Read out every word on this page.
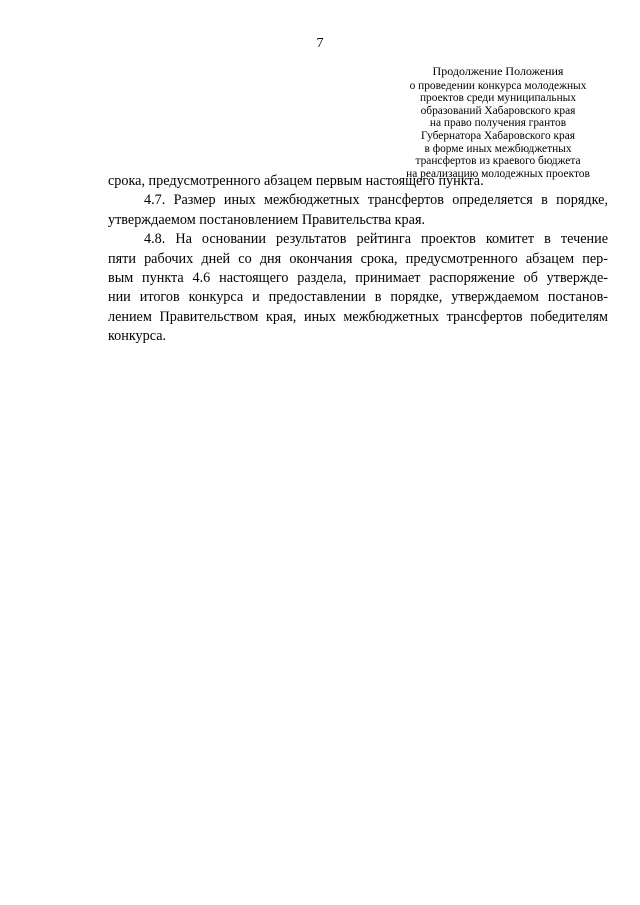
7
Продолжение Положения
о проведении конкурса молодежных
проектов среди муниципальных
образований Хабаровского края
на право получения грантов
Губернатора Хабаровского края
в форме иных межбюджетных
трансфертов из краевого бюджета
на реализацию молодежных проектов

срока, предусмотренного абзацем первым настоящего пункта.

4.7. Размер иных межбюджетных трансфертов определяется в порядке,
утверждаемом постановлением Правительства края.

4.8. На основании результатов рейтинга проектов комитет в течение
пяти рабочих дней со дня окончания срока, предусмотренного абзацем пер-
вым пункта 4.6 настоящего раздела, принимает распоряжение об утвержде-
нии итогов конкурса и предоставлении в порядке, утверждаемом постанов-
лением Правительством края, иных межбюджетных трансфертов победителям
конкурса.
